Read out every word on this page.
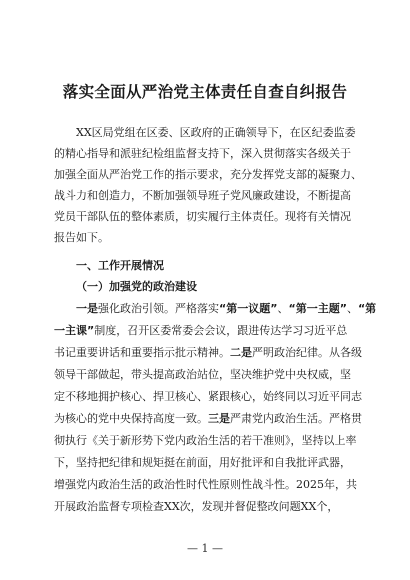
落实全面从严治党主体责任自查自纠报告
XX区局党组在区委、区政府的正确领导下，在区纪委监委
的精心指导和派驻纪检组监督支持下，深入贯彻落实各级关于
加强全面从严治党工作的指示要求，充分发挥党支部的凝聚力、
战斗力和创造力，不断加强领导班子党风廉政建设，不断提高
党员干部队伍的整体素质，切实履行主体责任。现将有关情况
报告如下。
一、工作开展情况
（一）加强党的政治建设
一是强化政治引领。严格落实“第一议题”、“第一主题”、“第
一主课”制度，召开区委常委会会议，跟进传达学习习近平总
书记重要讲话和重要指示批示精神。二是严明政治纪律。从各级
领导干部做起，带头提高政治站位，坚决维护党中央权威，坚
定不移地拥护核心、捍卫核心、紧跟核心，始终同以习近平同志
为核心的党中央保持高度一致。三是严肃党内政治生活。严格贯
彻执行《关于新形势下党内政治生活的若干准则》，坚持以上率
下，坚持把纪律和规矩挺在前面，用好批评和自我批评武器，
增强党内政治生活的政治性时代性原则性战斗性。2025年，共
开展政治监督专项检查XX次，发现并督促整改问题XX个，
— 1 —
